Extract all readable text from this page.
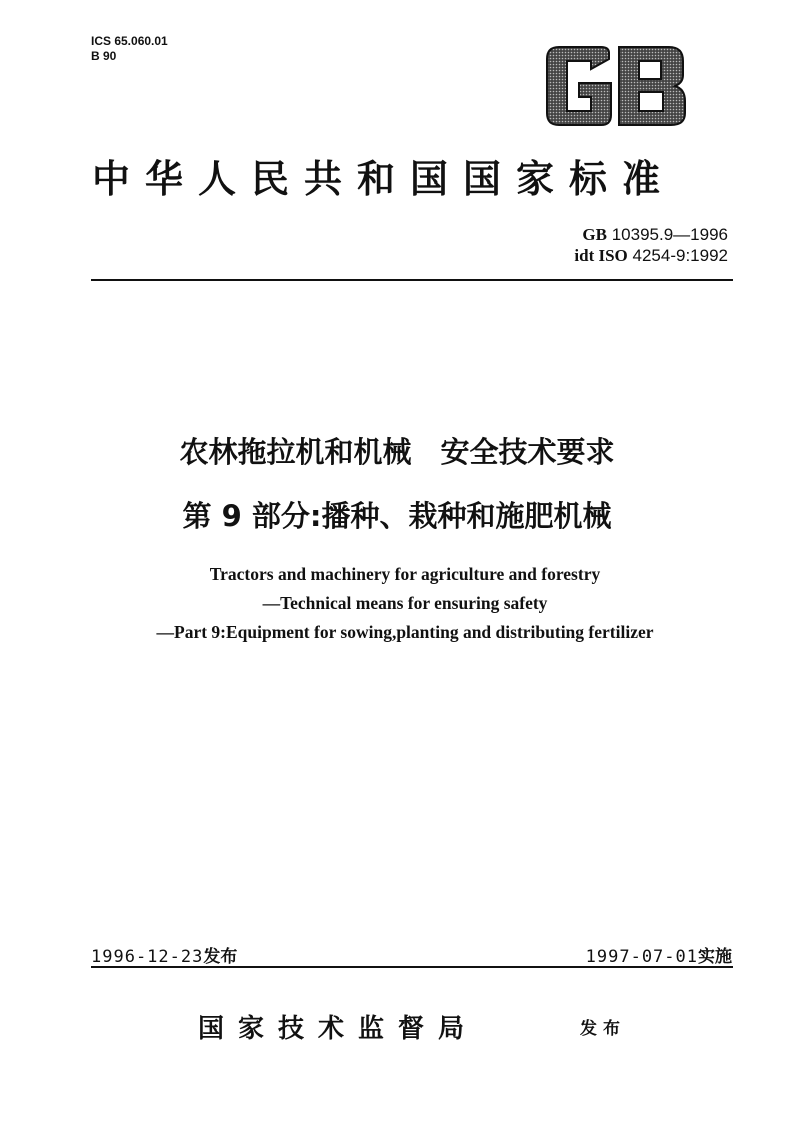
ICS 65.060.01
B 90
中华人民共和国国家标准
GB 10395.9—1996
idt ISO 4254-9:1992
农林拖拉机和机械　安全技术要求
第 9 部分:播种、栽种和施肥机械
Tractors and machinery for agriculture and forestry
—Technical means for ensuring safety
—Part 9:Equipment for sowing,planting and distributing fertilizer
1996-12-23发布	1997-07-01实施
国家技术监督局	发布
